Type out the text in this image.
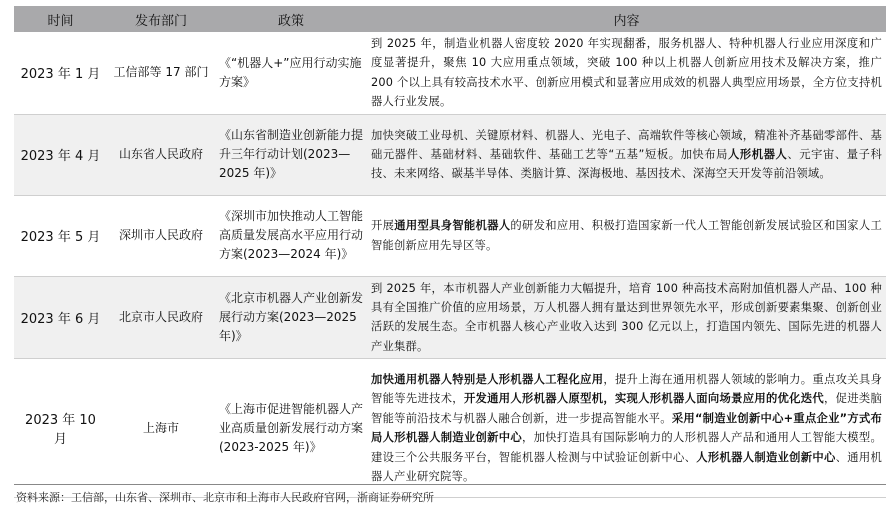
时间	发布部门	政策	内容
2023 年 1 月	工信部等 17 部门	《“机器人+”应用行动实施方案》	到 2025 年，制造业机器人密度较 2020 年实现翻番，服务机器人、特种机器人行业应用深度和广度显著提升，聚焦 10 大应用重点领域，突破 100 种以上机器人创新应用技术及解决方案，推广 200 个以上具有较高技术水平、创新应用模式和显著应用成效的机器人典型应用场景，全方位支持机器人行业发展。
2023 年 4 月	山东省人民政府	《山东省制造业创新能力提升三年行动计划(2023—2025 年)》	加快突破工业母机、关键原材料、机器人、光电子、高端软件等核心领域，精准补齐基础零部件、基础元器件、基础材料、基础软件、基础工艺等“五基”短板。加快布局人形机器人、元宇宙、量子科技、未来网络、碳基半导体、类脑计算、深海极地、基因技术、深海空天开发等前沿领域。
2023 年 5 月	深圳市人民政府	《深圳市加快推动人工智能高质量发展高水平应用行动方案(2023—2024 年)》	开展通用型具身智能机器人的研发和应用、积极打造国家新一代人工智能创新发展试验区和国家人工智能创新应用先导区等。
2023 年 6 月	北京市人民政府	《北京市机器人产业创新发展行动方案(2023—2025 年)》	到 2025 年，本市机器人产业创新能力大幅提升，培育 100 种高技术高附加值机器人产品、100 种具有全国推广价值的应用场景，万人机器人拥有量达到世界领先水平，形成创新要素集聚、创新创业活跃的发展生态。全市机器人核心产业收入达到 300 亿元以上，打造国内领先、国际先进的机器人产业集群。
2023 年 10 月	上海市	《上海市促进智能机器人产业高质量创新发展行动方案(2023-2025 年)》	加快通用机器人特别是人形机器人工程化应用，提升上海在通用机器人领域的影响力。重点攻关具身智能等先进技术，开发通用人形机器人原型机，实现人形机器人面向场景应用的优化迭代，促进类脑智能等前沿技术与机器人融合创新，进一步提高智能水平。采用“制造业创新中心+重点企业”方式布局人形机器人制造业创新中心，加快打造具有国际影响力的人形机器人产品和通用人工智能大模型。建设三个公共服务平台，智能机器人检测与中试验证创新中心、人形机器人制造业创新中心、通用机器人产业研究院等。
资料来源：工信部，山东省、深圳市、北京市和上海市人民政府官网，浙商证券研究所
